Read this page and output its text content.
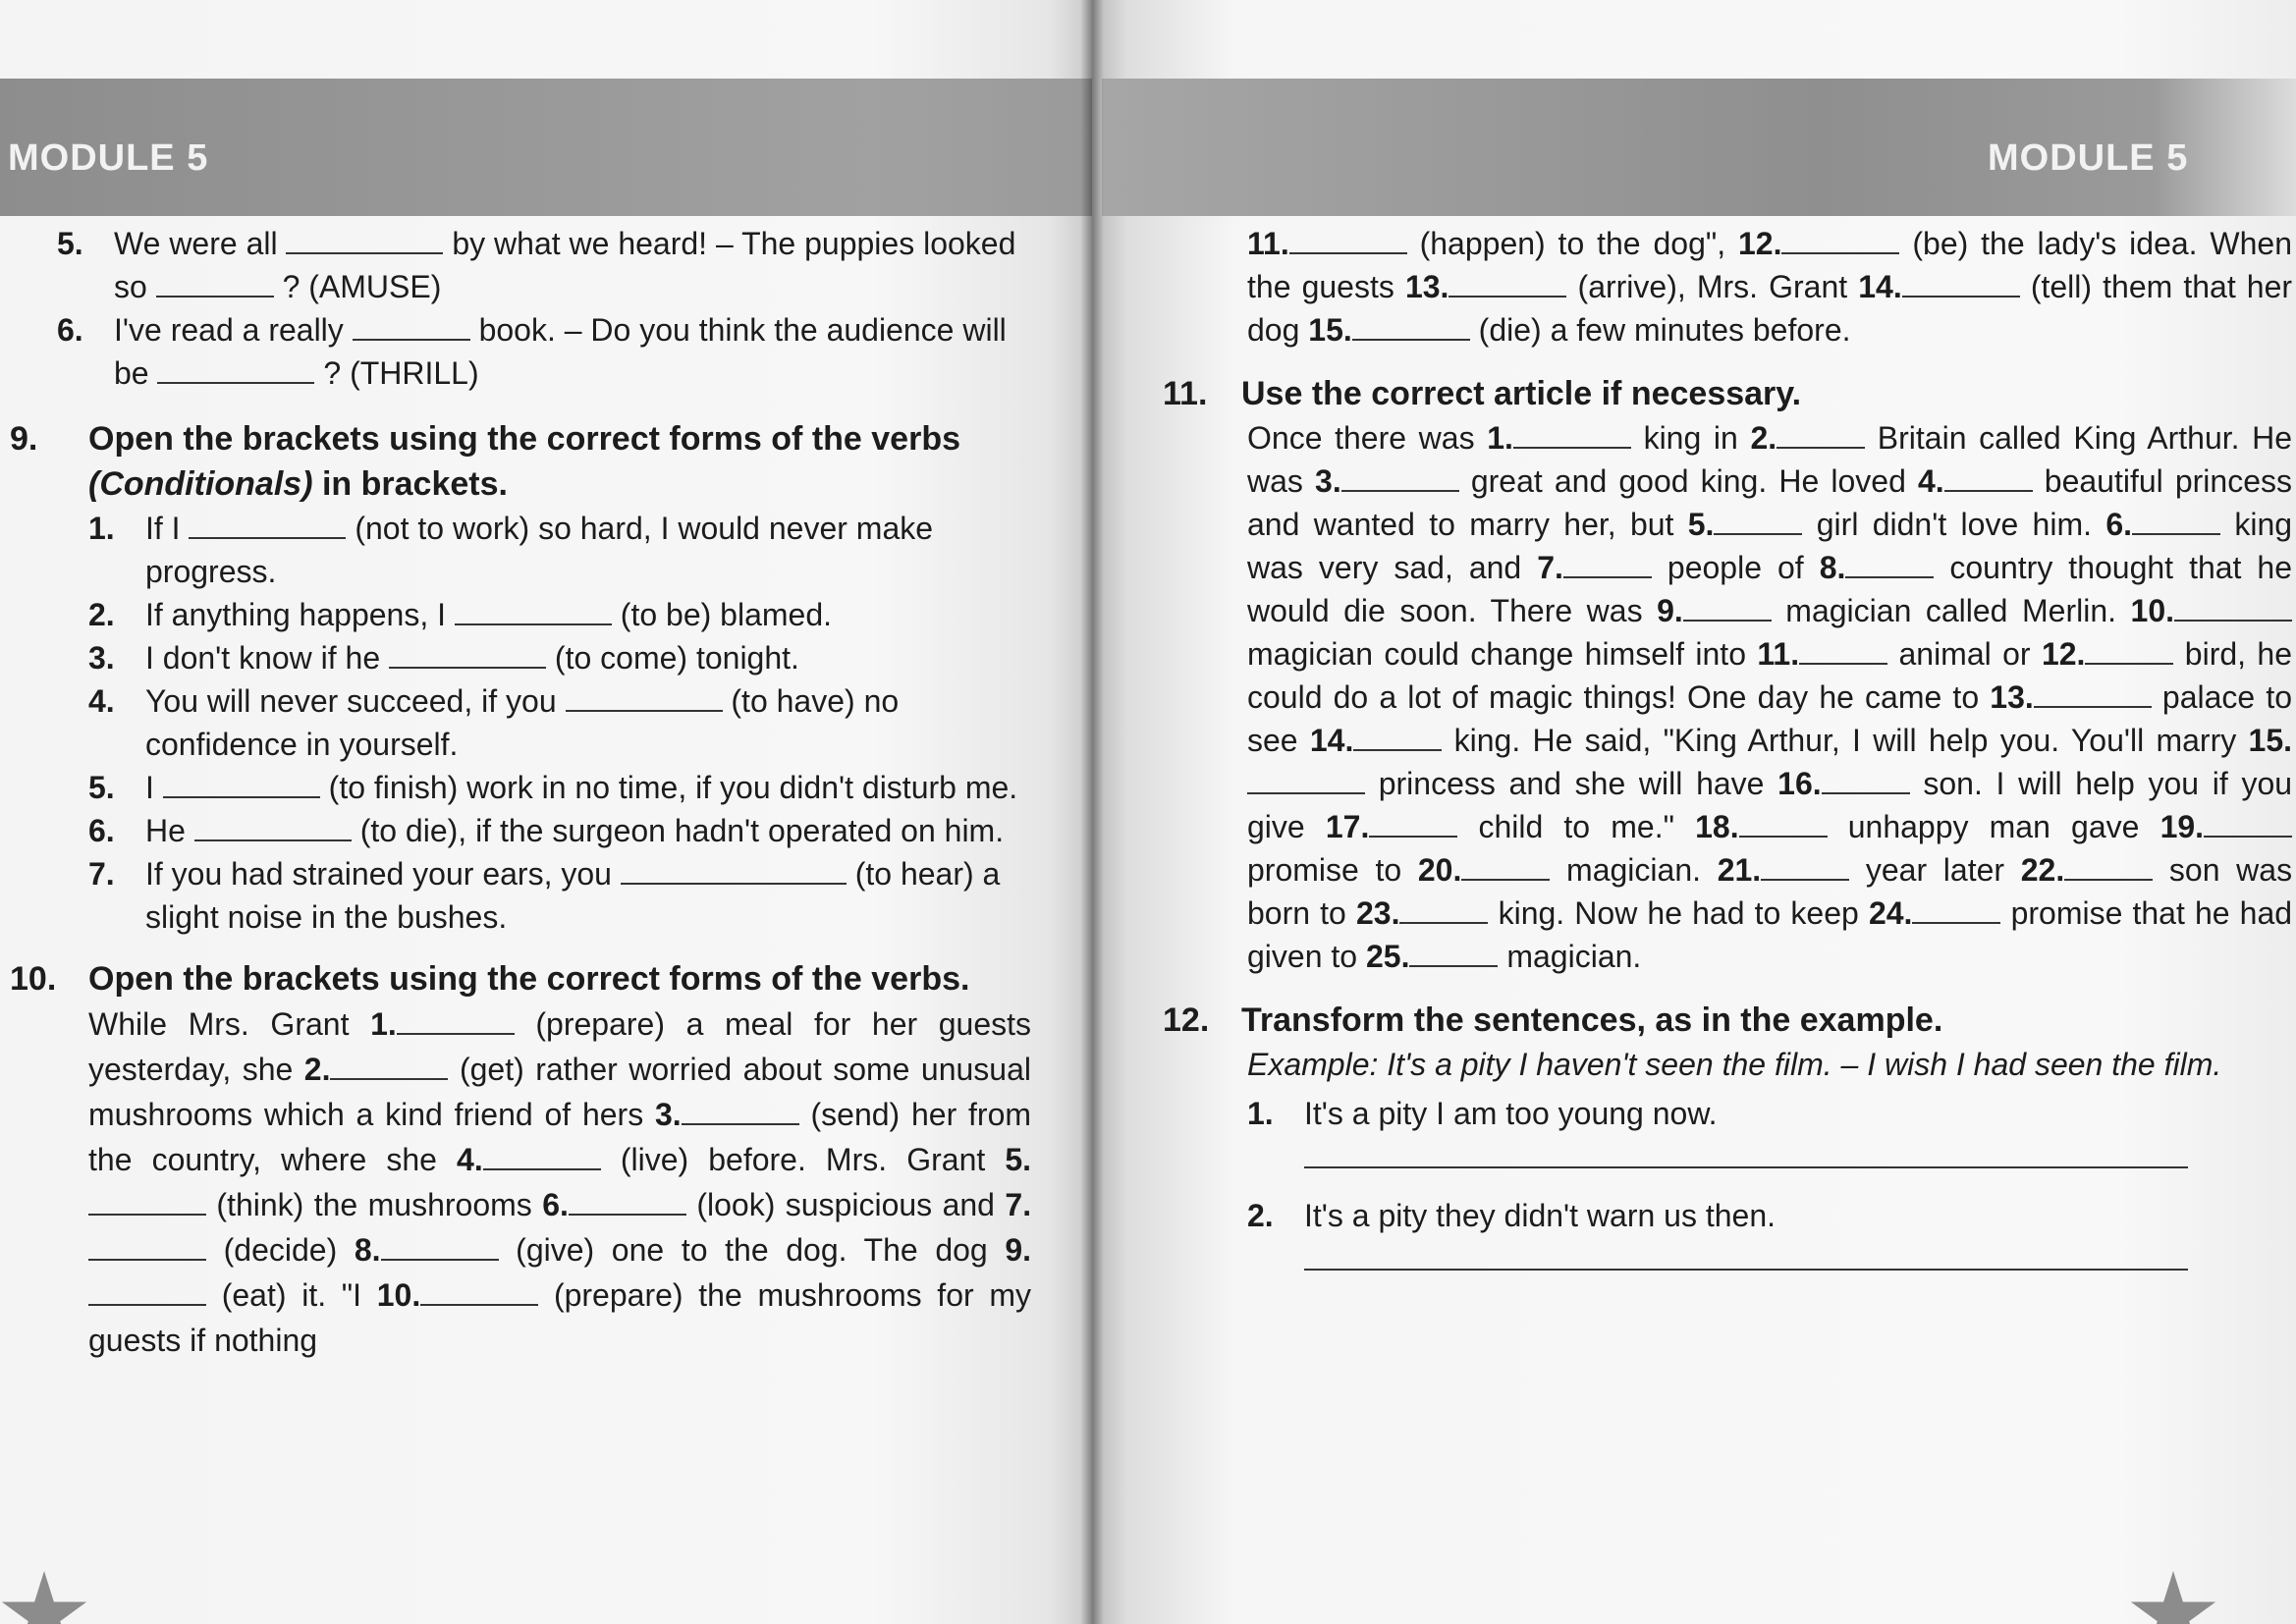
MODULE 5
5. We were all	by what we heard! – The puppies looked so	? (AMUSE)
6. I've read a really	book. – Do you think the audience will be	? (THRILL)
9.	Open the brackets using the correct forms of the verbs (Conditionals) in brackets.
1. If I	(not to work) so hard, I would never make progress.
2. If anything happens, I	(to be) blamed.
3. I don't know if he	(to come) tonight.
4. You will never succeed, if you	(to have) no confidence in yourself.
5. I	(to finish) work in no time, if you didn't disturb me.
6. He	(to die), if the surgeon hadn't operated on him.
7. If you had strained your ears, you	(to hear) a slight noise in the bushes.
10. Open the brackets using the correct forms of the verbs.
While Mrs. Grant 1.	(prepare) a meal for her guests yesterday, she 2.	(get) rather worried about some unusual mushrooms which a kind friend of hers 3.	(send) her from the country, where she 4.	(live) before. Mrs. Grant 5. (think) the mushrooms 6.	(look) suspicious and 7. (decide) 8.	(give) one to the dog. The dog 9. (eat) it. "I 10.	(prepare) the mushrooms for my guests if nothing
MODULE 5
11.	(happen) to the dog", 12.	(be) the lady's idea. When the guests 13.	(arrive), Mrs. Grant 14.	(tell) them that her dog 15.	(die) a few minutes before.
11.	Use the correct article if necessary.
Once there was 1.	king in 2.	Britain called King Arthur. He was 3.	great and good king. He loved 4.	beautiful princess and wanted to marry her, but 5.	girl didn't love him. 6.	king was very sad, and 7.	people of 8.	country thought that he would die soon. There was 9.	magician called Merlin. 10. magician could change himself into 11.	animal or 12.	bird, he could do a lot of magic things! One day he came to 13.	palace to see 14.	king. He said, "King Arthur, I will help you. You'll marry 15. princess and she will have 16.	son. I will help you if you give 17.	child to me." 18.	unhappy man gave 19. promise to 20.	magician. 21.	year later 22.	son was born to 23.	king. Now he had to keep 24.	promise that he had given to 25.	magician.
12. Transform the sentences, as in the example.
Example: It's a pity I haven't seen the film. – I wish I had seen the film.
1. It's a pity I am too young now.
2. It's a pity they didn't warn us then.
